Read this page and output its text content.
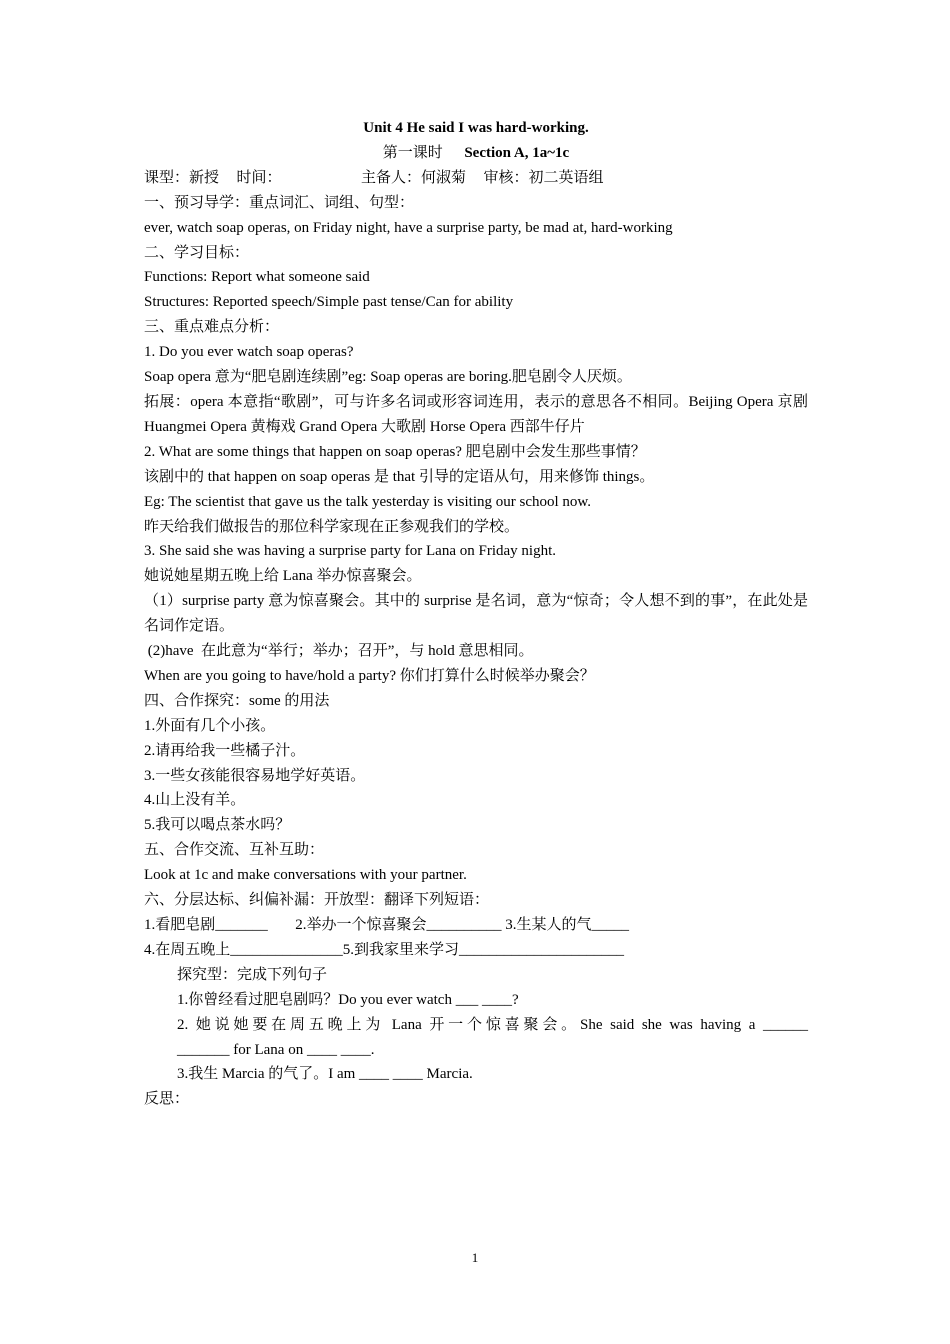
Unit 4 He said I was hard-working.
第一课时 Section A, 1a~1c
课型：新授 时间：	主备人：何淑菊 审核：初二英语组
一、预习导学：重点词汇、词组、句型：
ever, watch soap operas, on Friday night, have a surprise party, be mad at, hard-working
二、学习目标：
Functions: Report what someone said
Structures: Reported speech/Simple past tense/Can for ability
三、重点难点分析：
1. Do you ever watch soap operas?
Soap opera 意为“肥皂剧连续剧”eg: Soap operas are boring.肥皂剧令人厌烦。
拓展：opera 本意指“歌剧”，可与许多名词或形容词连用，表示的意思各不相同。Beijing Opera 京剧 Huangmei Opera 黄梅戏 Grand Opera 大歌剧 Horse Opera 西部牛仔片
2. What are some things that happen on soap operas? 肥皂剧中会发生那些事情？
该剧中的 that happen on soap operas 是 that 引导的定语从句，用来修饰 things。
Eg: The scientist that gave us the talk yesterday is visiting our school now.
昨天给我们做报告的那位科学家现在正参观我们的学校。
3. She said she was having a surprise party for Lana on Friday night.
她说她星期五晚上给 Lana 举办惊喜聚会。
（1）surprise party 意为惊喜聚会。其中的 surprise 是名词，意为“惊奇；令人想不到的事”，在此处是名词作定语。
(2)have  在此意为“举行；举办；召开”，与 hold 意思相同。
When are you going to have/hold a party? 你们打算什么时候举办聚会？
四、合作探究：some 的用法
1.外面有几个小孩。
2.请再给我一些橘子汁。
3.一些女孩能很容易地学好英语。
4.山上没有羊。
5.我可以喝点茶水吗？
五、合作交流、互补互助：
Look at 1c and make conversations with your partner.
六、分层达标、纠偏补漏：开放型：翻译下列短语：
1.看肥皂剧_______ 2.举办一个惊喜聚会__________ 3.生某人的气_____
4.在周五晚上_______________5.到我家里来学习______________________
探究型：完成下列句子
1.你曾经看过肥皂剧吗？Do you ever watch ___ ____?
2. 她说她要在周五晚上为 Lana 开一个惊喜聚会。She said she was having a ______
_______ for Lana on ____ ____.
3.我生 Marcia 的气了。I am ____ ____ Marcia.
反思：
1
